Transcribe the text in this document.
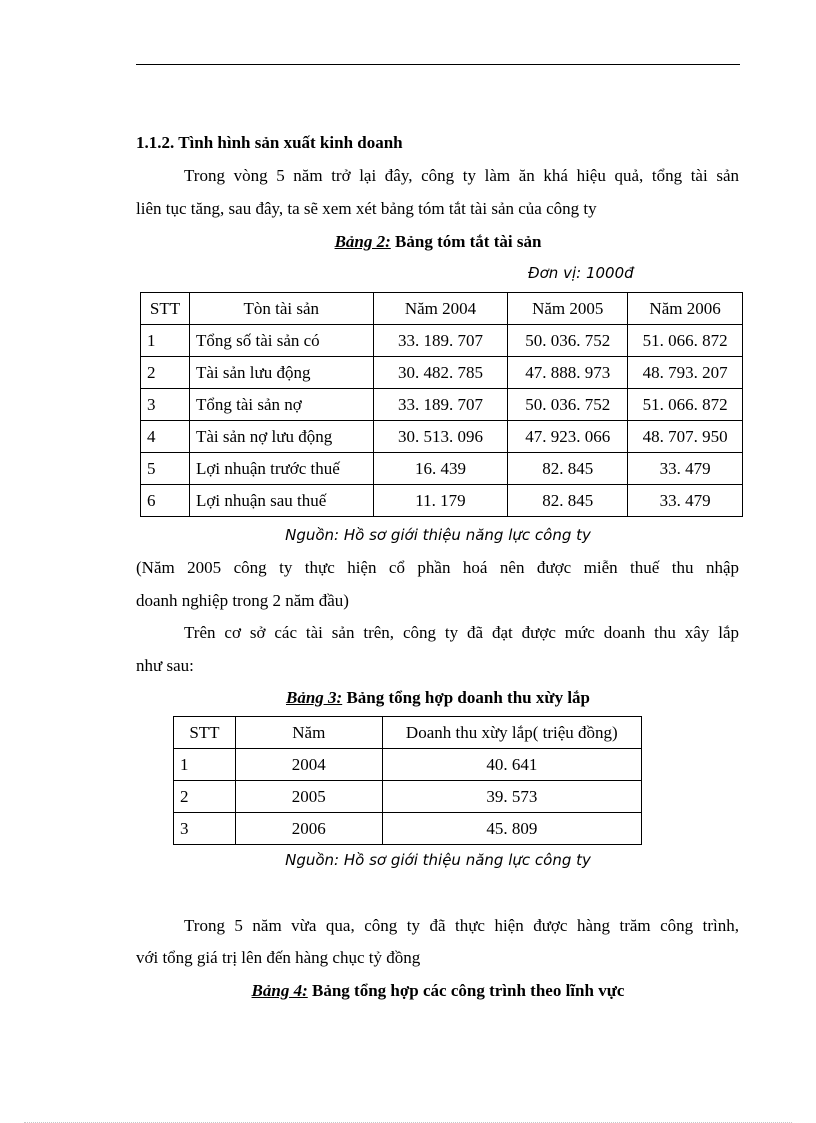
1.1.2. Tình hình sản xuất kinh doanh
Trong vòng 5 năm trở lại đây, công ty làm ăn khá hiệu quả, tổng tài sản
liên tục tăng, sau đây, ta sẽ xem xét bảng tóm tắt tài sản của công ty
Bảng 2: Bảng tóm tắt tài sản
Đơn vị: 1000đ
STT	Tòn tài sản	Năm 2004	Năm 2005	Năm 2006
1	Tổng số tài sản có	33. 189. 707	50. 036. 752	51. 066. 872
2	Tài sản lưu động	30. 482. 785	47. 888. 973	48. 793. 207
3	Tổng tài sản nợ	33. 189. 707	50. 036. 752	51. 066. 872
4	Tài sản nợ lưu động	30. 513. 096	47. 923. 066	48. 707. 950
5	Lợi nhuận trước thuế	16. 439	82. 845	33. 479
6	Lợi nhuận sau thuế	11. 179	82. 845	33. 479
Nguồn: Hồ sơ giới thiệu năng lực công ty
(Năm 2005 công ty thực hiện cổ phần hoá nên được miễn thuế thu nhập
doanh nghiệp trong 2 năm đầu)
Trên cơ sở các tài sản trên, công ty đã đạt được mức doanh thu xây lắp
như sau:
Bảng 3: Bảng tổng hợp doanh thu xừy lắp
STT	Năm	Doanh thu xừy lắp( triệu đồng)
1	2004	40. 641
2	2005	39. 573
3	2006	45. 809
Nguồn: Hồ sơ giới thiệu năng lực công ty
Trong 5 năm vừa qua, công ty đã thực hiện được hàng trăm công trình,
với tổng giá trị lên đến hàng chục tỷ đồng
Bảng 4: Bảng tổng hợp các công trình theo lĩnh vực
